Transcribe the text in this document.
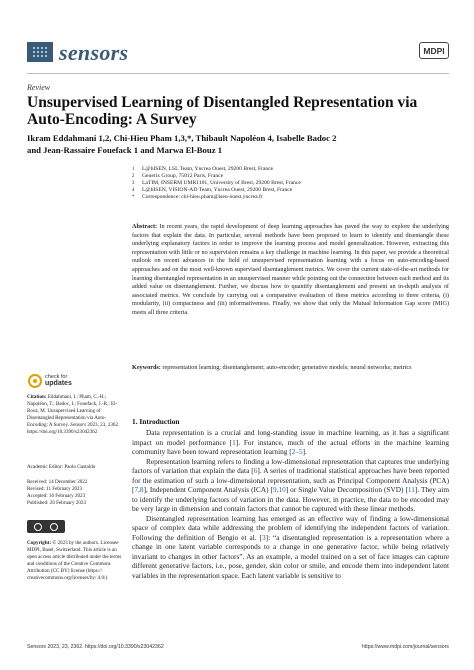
sensors	MDPI
Review
Unsupervised Learning of Disentangled Representation via Auto-Encoding: A Survey
Ikram Eddahmani 1,2, Chi-Hieu Pham 1,3,*, Thibault Napoléon 4, Isabelle Badoc 2
and Jean-Rassaire Fouefack 1 and Marwa El-Bouz 1
1	L@bISEN, LSL Team, Yncrea Ouest, 29200 Brest, France
2	Generix Group, 75012 Paris, France
3	LaTIM, INSERM UMR1101, University of Brest, 29200 Brest, France
4	L@bISEN, VISION-AD Team, Yncrea Ouest, 29200 Brest, France
*	Correspondence: chi-hieu.pham@isen-ouest.yncrea.fr
Abstract: In recent years, the rapid development of deep learning approaches has paved the way to explore the underlying factors that explain the data. In particular, several methods have been proposed to learn to identify and disentangle these underlying explanatory factors in order to improve the learning process and model generalization. However, extracting this representation with little or no supervision remains a key challenge in machine learning. In this paper, we provide a theoretical outlook on recent advances in the field of unsupervised representation learning with a focus on auto-encoding-based approaches and on the most well-known supervised disentanglement metrics. We cover the current state-of-the-art methods for learning disentangled representation in an unsupervised manner while pointing out the connection between each method and its added value on disentanglement. Further, we discuss how to quantify disentanglement and present an in-depth analysis of associated metrics. We conclude by carrying out a comparative evaluation of these metrics according to three criteria, (i) modularity, (ii) compactness and (iii) informativeness. Finally, we show that only the Mutual Information Gap score (MIG) meets all three criteria.
Keywords: representation learning; disentanglement; auto-encoder; generative models; neural networks; metrics
check for
updates
Citation: Eddahmani, I.; Pham, C.-H.; Napoléon, T.; Badoc, I.; Fouefack, J.-R.; El-Bouz, M. Unsupervised Learning of Disentangled Representation via Auto-Encoding: A Survey. Sensors 2023, 23, 2362. https://doi.org/10.3390/s23042362
Academic Editor: Paolo Gastaldo
Received: 14 December 2022
Revised: 11 February 2023
Accepted: 16 February 2023
Published: 20 February 2023
Copyright: © 2023 by the authors. Licensee MDPI, Basel, Switzerland. This article is an open access article distributed under the terms and conditions of the Creative Commons Attribution (CC BY) license (https:// creativecommons.org/licenses/by/ 4.0/).
1. Introduction

Data representation is a crucial and long-standing issue in machine learning, as it has a significant impact on model performance [1]. For instance, much of the actual efforts in the machine learning community have been toward representation learning [2–5].

Representation learning refers to finding a low-dimensional representation that captures true underlying factors of variation that explain the data [6]. A series of traditional statistical approaches have been reported for the estimation of such a low-dimensional representation, such as Principal Component Analysis (PCA) [7,8], Independent Component Analysis (ICA) [9,10] or Single Value Decomposition (SVD) [11]. They aim to identify the underlying factors of variation in the data. However, in practice, the data to be encoded may be very large in dimension and contain factors that cannot be captured with these linear methods.

Disentangled representation learning has emerged as an effective way of finding a low-dimensional space of complex data while addressing the problem of identifying the independent factors of variation. Following the definition of Bengio et al. [3]: “a disentangled representation is a representation where a change in one latent variable corresponds to a change in one generative factor, while being relatively invariant to changes in other factors”. As an example, a model trained on a set of face images can capture different generative factors, i.e., pose, gender, skin color or smile, and encode them into independent latent variables in the representation space. Each latent variable is sensitive to

Sensors 2023, 23, 2362. https://doi.org/10.3390/s23042362	https://www.mdpi.com/journal/sensors
